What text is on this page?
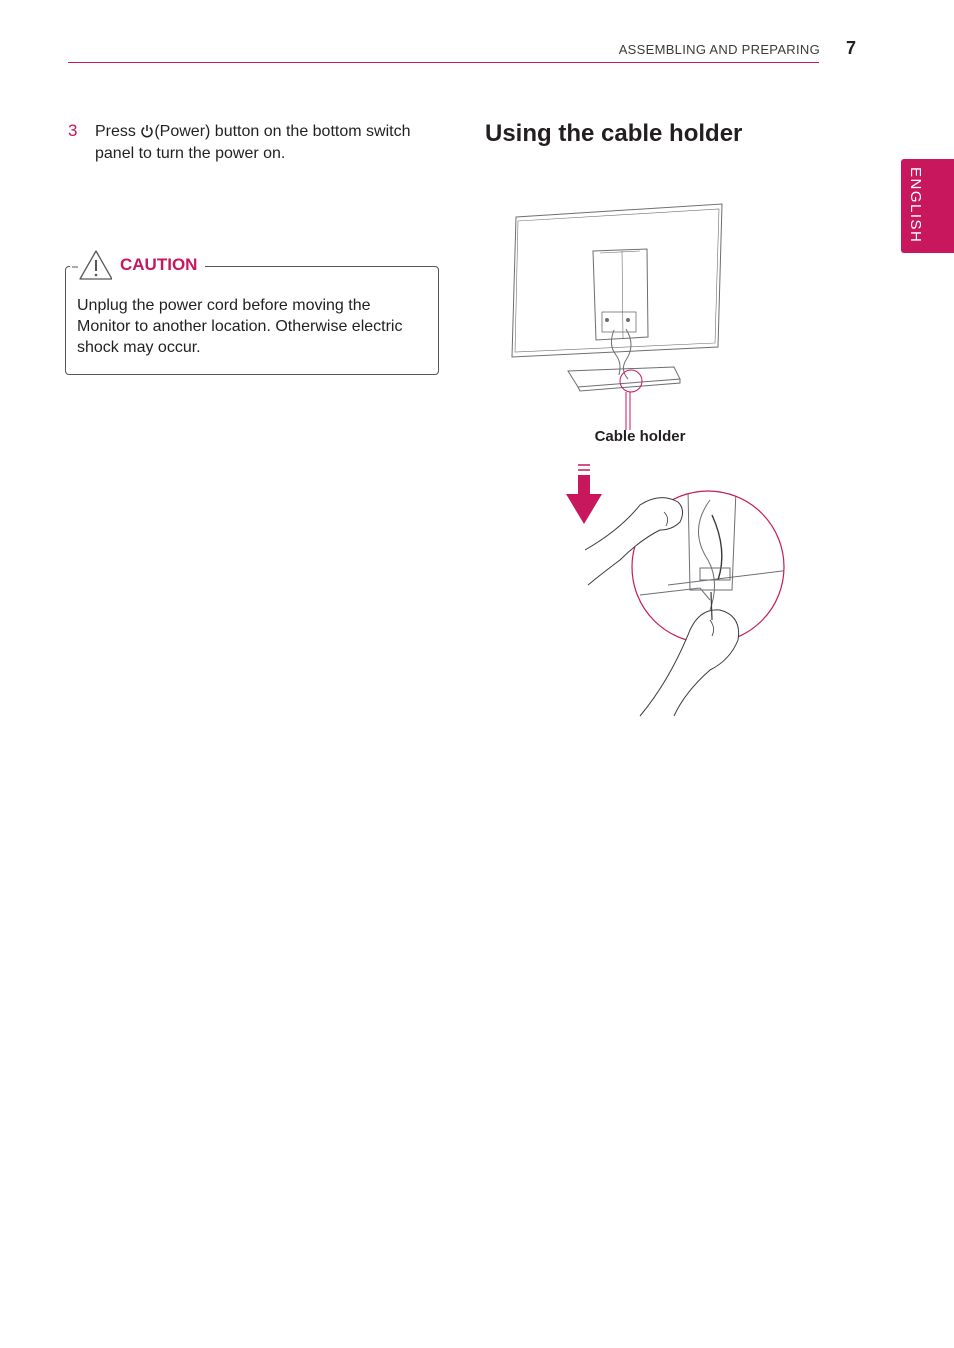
ASSEMBLING AND PREPARING 7
ENGLISH
3 Press (Power) button on the bottom switch panel to turn the power on.
CAUTION
Unplug the power cord before moving the Monitor to another location. Otherwise electric shock may occur.
Using the cable holder
Cable holder
